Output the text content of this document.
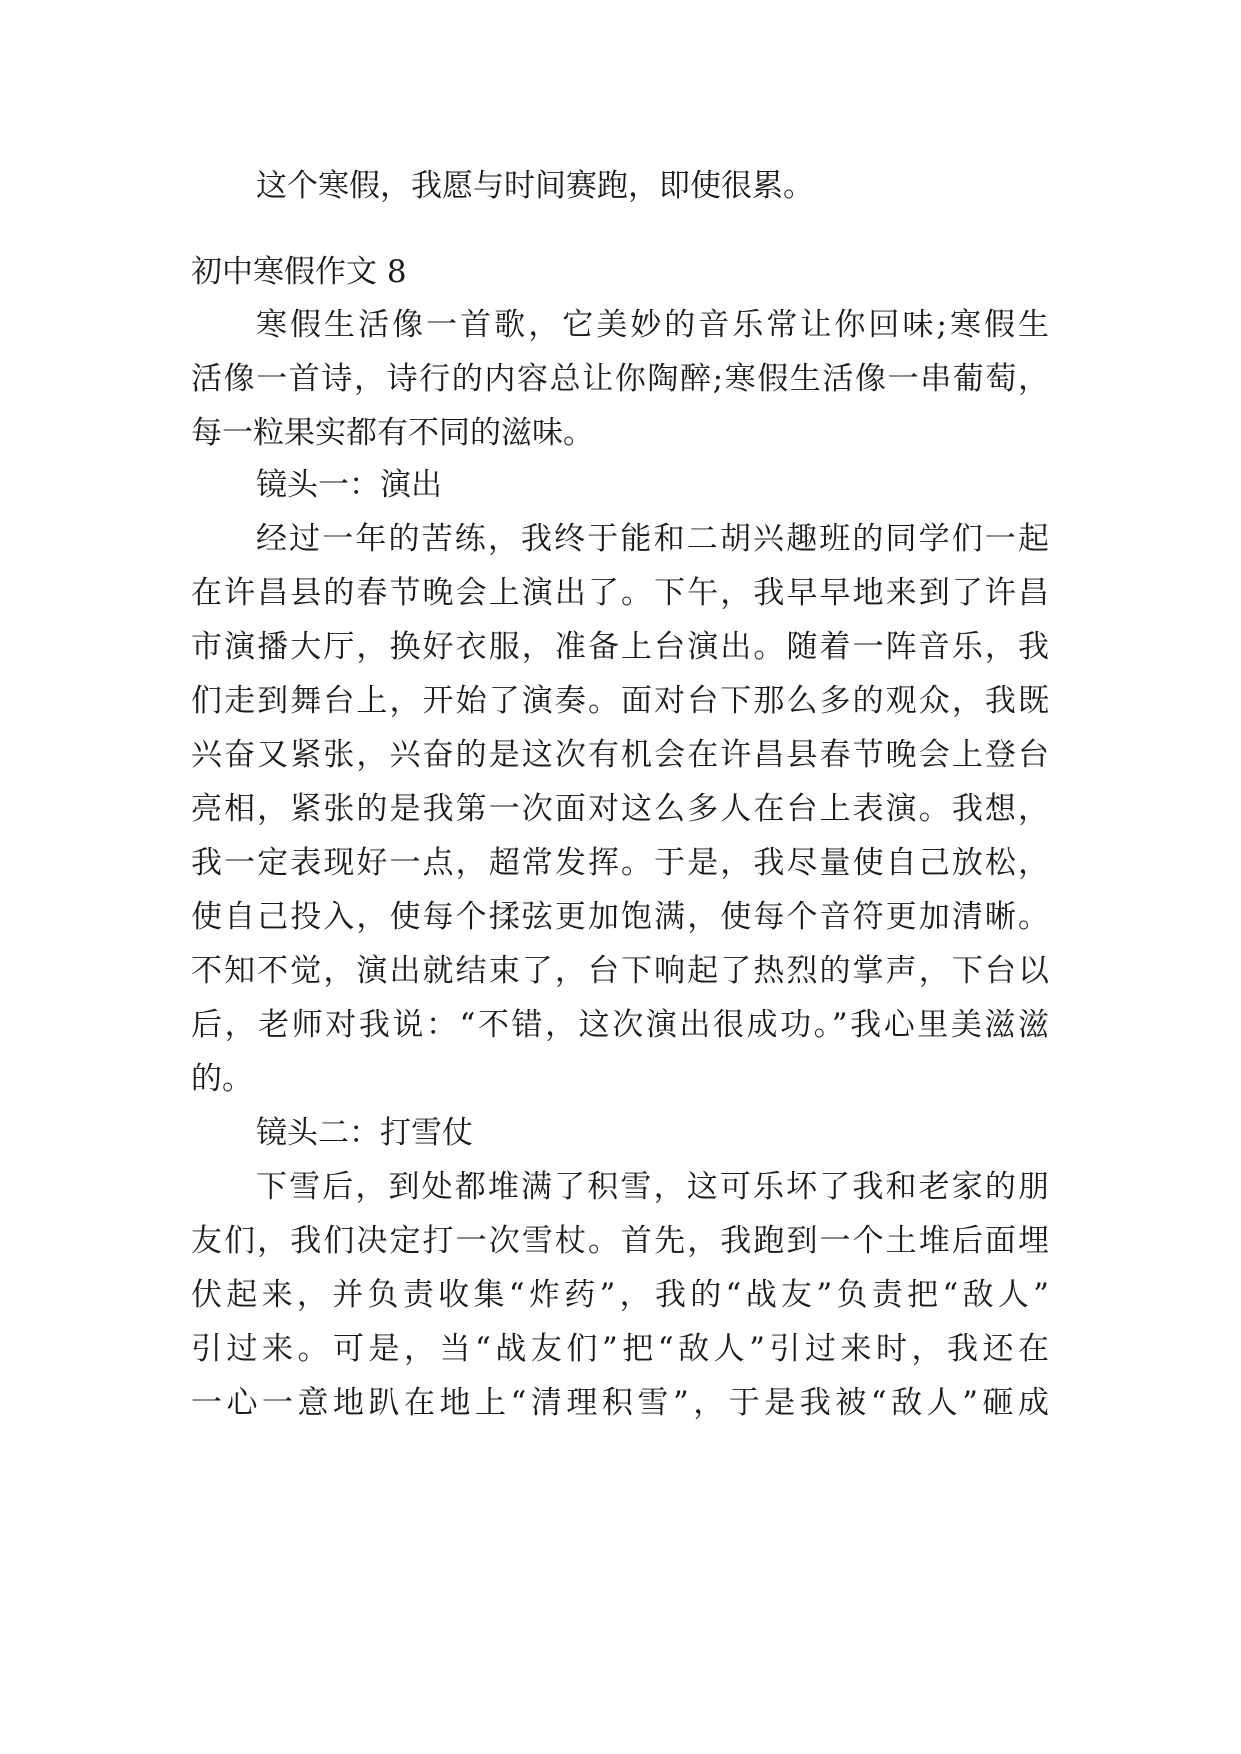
这个寒假，我愿与时间赛跑，即使很累。
初中寒假作文 8
寒假生活像一首歌，它美妙的音乐常让你回味;寒假生
活像一首诗，诗行的内容总让你陶醉;寒假生活像一串葡萄，
每一粒果实都有不同的滋味。
镜头一：演出
经过一年的苦练，我终于能和二胡兴趣班的同学们一起
在许昌县的春节晚会上演出了。下午，我早早地来到了许昌
市演播大厅，换好衣服，准备上台演出。随着一阵音乐，我
们走到舞台上，开始了演奏。面对台下那么多的观众，我既
兴奋又紧张，兴奋的是这次有机会在许昌县春节晚会上登台
亮相，紧张的是我第一次面对这么多人在台上表演。我想，
我一定表现好一点，超常发挥。于是，我尽量使自己放松，
使自己投入，使每个揉弦更加饱满，使每个音符更加清晰。
不知不觉，演出就结束了，台下响起了热烈的掌声，下台以
后，老师对我说：“不错，这次演出很成功。”我心里美滋滋
的。
镜头二：打雪仗
下雪后，到处都堆满了积雪，这可乐坏了我和老家的朋
友们，我们决定打一次雪杖。首先，我跑到一个土堆后面埋
伏起来，并负责收集“炸药”，我的“战友”负责把“敌人”
引过来。可是，当“战友们”把“敌人”引过来时，我还在
一心一意地趴在地上“清理积雪”，于是我被“敌人”砸成
